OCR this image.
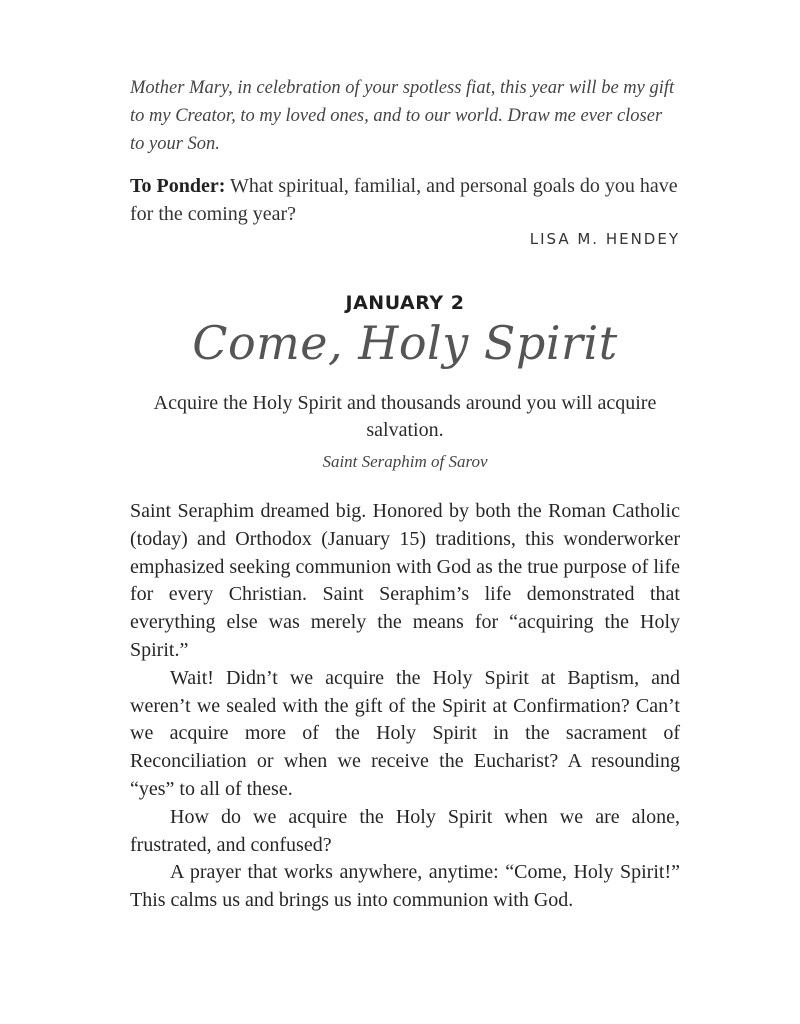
Mother Mary, in celebration of your spotless fiat, this year will be my gift to my Creator, to my loved ones, and to our world. Draw me ever closer to your Son.

To Ponder: What spiritual, familial, and personal goals do you have for the coming year?

LISA M. HENDEY

JANUARY 2
Come, Holy Spirit
Acquire the Holy Spirit and thousands around you will acquire salvation.
Saint Seraphim of Sarov

Saint Seraphim dreamed big. Honored by both the Roman Catholic (today) and Orthodox (January 15) traditions, this wonderworker emphasized seeking communion with God as the true purpose of life for every Christian. Saint Seraphim’s life demonstrated that everything else was merely the means for “acquiring the Holy Spirit.”

Wait! Didn’t we acquire the Holy Spirit at Baptism, and weren’t we sealed with the gift of the Spirit at Confirmation? Can’t we acquire more of the Holy Spirit in the sacrament of Reconciliation or when we receive the Eucharist? A resounding “yes” to all of these.

How do we acquire the Holy Spirit when we are alone, frustrated, and confused?

A prayer that works anywhere, anytime: “Come, Holy Spirit!” This calms us and brings us into communion with God.
